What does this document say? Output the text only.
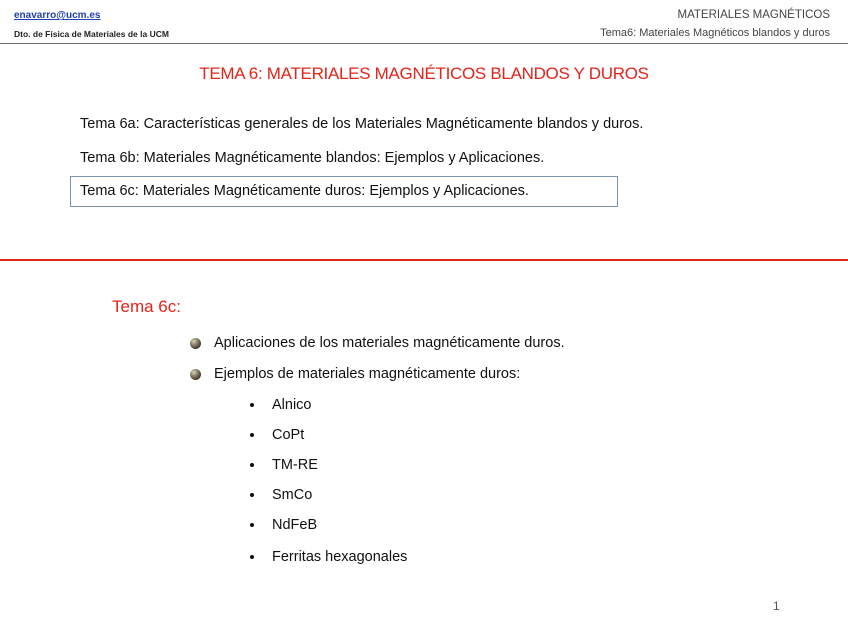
enavarro@ucm.es
Dto. de Física de Materiales de la UCM
MATERIALES MAGNÉTICOS
Tema6: Materiales Magnéticos blandos y duros
TEMA 6: MATERIALES MAGNÉTICOS BLANDOS Y DUROS
Tema 6a: Características generales de los Materiales Magnéticamente blandos y duros.
Tema 6b: Materiales Magnéticamente blandos: Ejemplos y Aplicaciones.
Tema 6c: Materiales Magnéticamente duros: Ejemplos y Aplicaciones.
Tema 6c:
Aplicaciones de los materiales magnéticamente duros.
Ejemplos de materiales magnéticamente duros:
Alnico
CoPt
TM-RE
SmCo
NdFeB
Ferritas hexagonales
1
